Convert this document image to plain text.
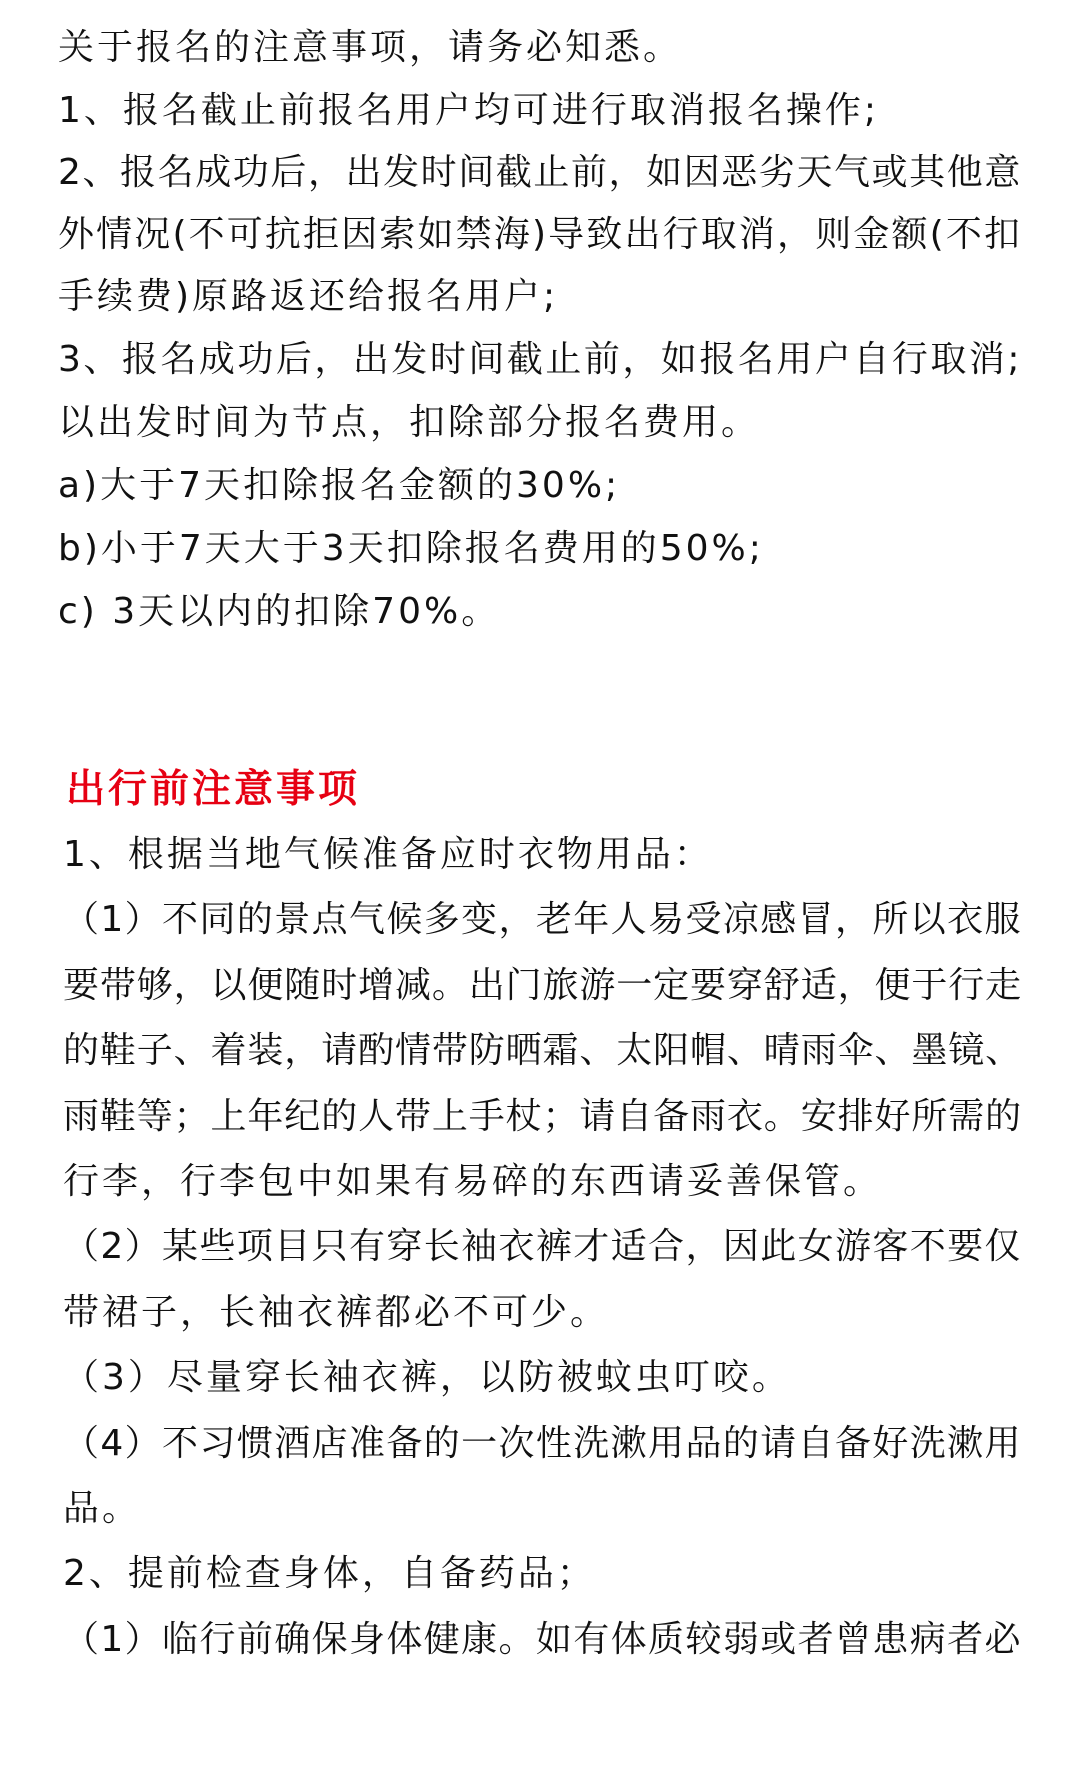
关于报名的注意事项，请务必知悉。
1、报名截止前报名用户均可进行取消报名操作;
2、报名成功后，出发时间截止前，如因恶劣天气或其他意
外情况(不可抗拒因索如禁海)导致出行取消，则金额(不扣
手续费)原路返还给报名用户;
3、报名成功后，出发时间截止前，如报名用户自行取消;
以出发时间为节点，扣除部分报名费用。
a)大于7天扣除报名金额的30%;
b)小于7天大于3天扣除报名费用的50%;
c) 3天以内的扣除70%。
出行前注意事项
1、根据当地气候准备应时衣物用品：
（1）不同的景点气候多变，老年人易受凉感冒，所以衣服
要带够，以便随时增减。出门旅游一定要穿舒适，便于行走
的鞋子、着装，请酌情带防晒霜、太阳帽、晴雨伞、墨镜、
雨鞋等；上年纪的人带上手杖；请自备雨衣。安排好所需的
行李，行李包中如果有易碎的东西请妥善保管。
（2）某些项目只有穿长袖衣裤才适合，因此女游客不要仅
带裙子，长袖衣裤都必不可少。
（3）尽量穿长袖衣裤，以防被蚊虫叮咬。
（4）不习惯酒店准备的一次性洗漱用品的请自备好洗漱用
品。
2、提前检查身体，自备药品；
（1）临行前确保身体健康。如有体质较弱或者曾患病者必
